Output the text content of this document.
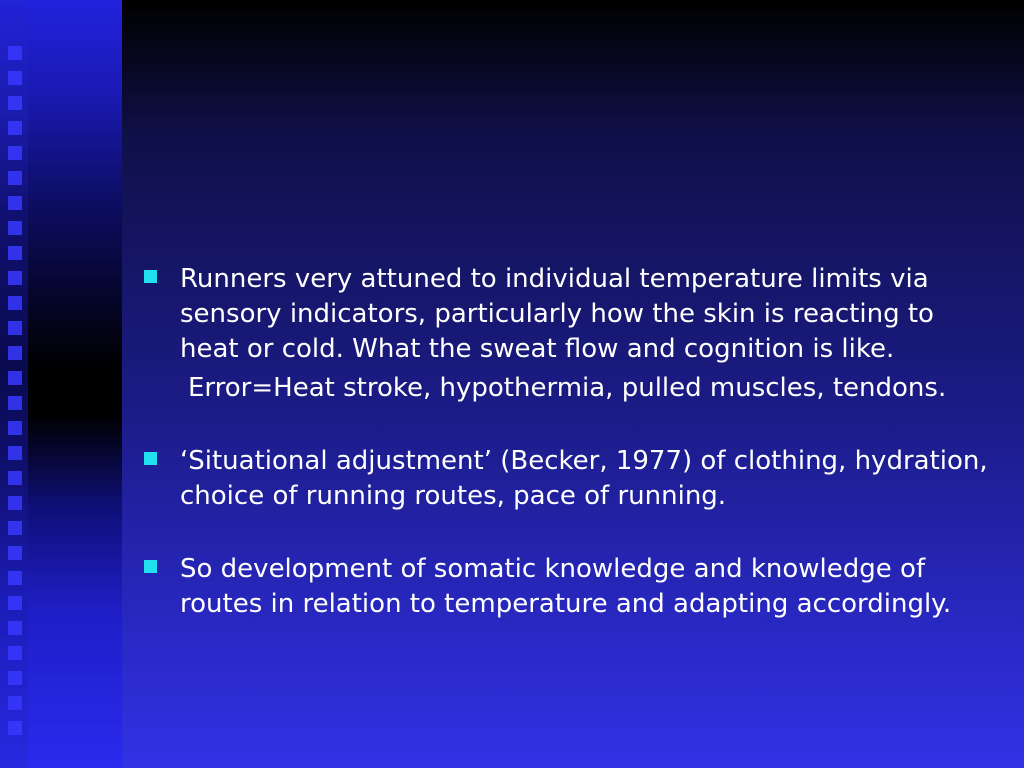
Runners very attuned to individual temperature limits via sensory indicators, particularly how the skin is reacting to heat or cold. What the sweat flow and cognition is like.
Error=Heat stroke, hypothermia, pulled muscles, tendons.
‘Situational adjustment’ (Becker, 1977) of clothing, hydration, choice of running routes, pace of running.
So development of somatic knowledge and knowledge of routes in relation to temperature and adapting accordingly.
